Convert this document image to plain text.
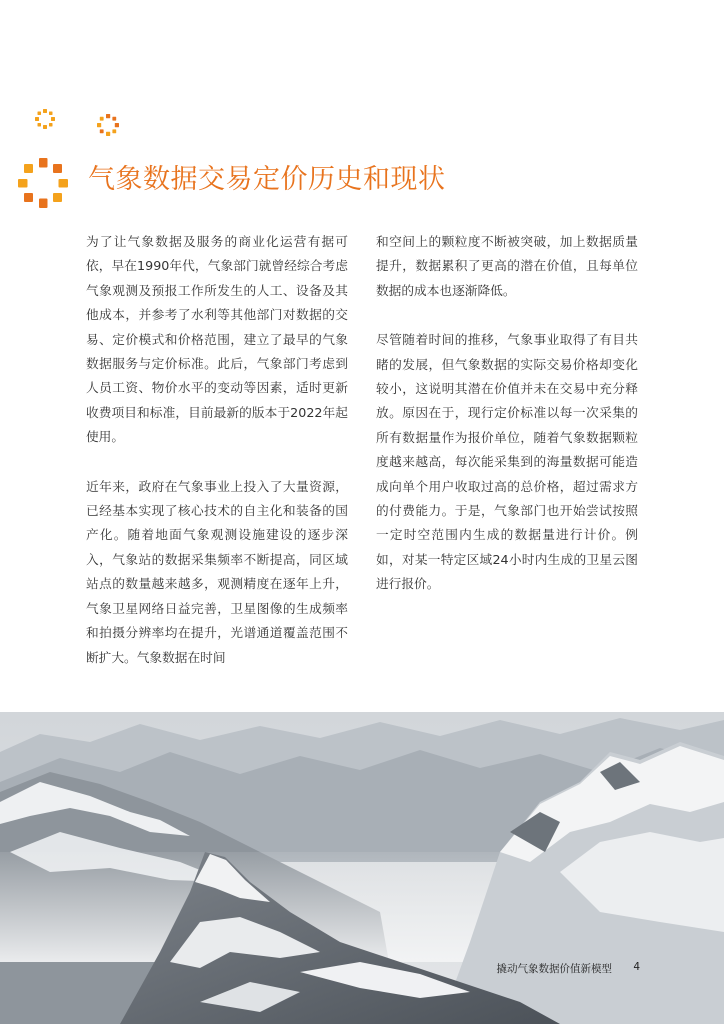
气象数据交易定价历史和现状

为了让气象数据及服务的商业化运营有据可依，早在1990年代，气象部门就曾经综合考虑气象观测及预报工作所发生的人工、设备及其他成本，并参考了水利等其他部门对数据的交易、定价模式和价格范围，建立了最早的气象数据服务与定价标准。此后，气象部门考虑到人员工资、物价水平的变动等因素，适时更新收费项目和标准，目前最新的版本于2022年起使用。

近年来，政府在气象事业上投入了大量资源，已经基本实现了核心技术的自主化和装备的国产化。随着地面气象观测设施建设的逐步深入，气象站的数据采集频率不断提高，同区域站点的数量越来越多，观测精度在逐年上升，气象卫星网络日益完善，卫星图像的生成频率和拍摄分辨率均在提升，光谱通道覆盖范围不断扩大。气象数据在时间

和空间上的颗粒度不断被突破，加上数据质量提升，数据累积了更高的潜在价值，且每单位数据的成本也逐渐降低。

尽管随着时间的推移，气象事业取得了有目共睹的发展，但气象数据的实际交易价格却变化较小，这说明其潜在价值并未在交易中充分释放。原因在于，现行定价标准以每一次采集的所有数据量作为报价单位，随着气象数据颗粒度越来越高，每次能采集到的海量数据可能造成向单个用户收取过高的总价格，超过需求方的付费能力。于是，气象部门也开始尝试按照一定时空范围内生成的数据量进行计价。例如，对某一特定区域24小时内生成的卫星云图进行报价。

撬动气象数据价值新模型 4
